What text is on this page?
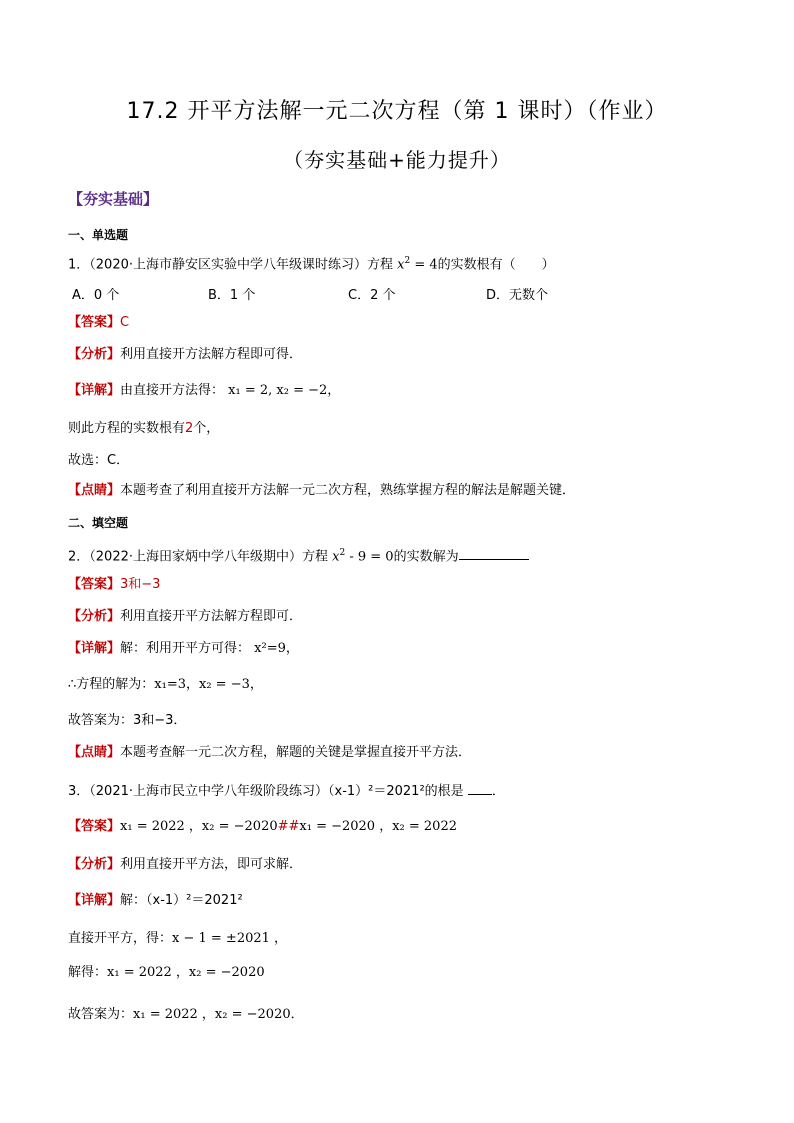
17.2 开平方法解一元二次方程（第 1 课时）（作业）
（夯实基础+能力提升）
【夯实基础】
一、单选题
1．（2020·上海市静安区实验中学八年级课时练习）方程 $x^2 = 4$的实数根有（　　）
A．0 个	B．1 个	C．2 个	D．无数个
【答案】C
【分析】利用直接开方法解方程即可得．
【详解】由直接开方法得： x₁ = 2, x₂ = −2，
则此方程的实数根有2个，
故选：C．
【点睛】本题考查了利用直接开方法解一元二次方程，熟练掌握方程的解法是解题关键．
二、填空题
2．（2022·上海田家炳中学八年级期中）方程 $x^2 - 9 = 0$的实数解为
【答案】3和−3
【分析】利用直接开平方法解方程即可．
【详解】解：利用开平方可得： x²=9，
∴方程的解为：x₁=3，x₂ = −3，
故答案为：3和−3．
【点睛】本题考查解一元二次方程，解题的关键是掌握直接开平方法．
3．（2021·上海市民立中学八年级阶段练习）（x-1）²＝2021²的根是 ．
【答案】x₁ = 2022 ，x₂ = −2020##x₁ = −2020 ，x₂ = 2022
【分析】利用直接开平方法，即可求解．
【详解】解：（x-1）²＝2021²
直接开平方，得：x − 1 = ±2021 ，
解得：x₁ = 2022 ，x₂ = −2020
故答案为：x₁ = 2022 ，x₂ = −2020．
